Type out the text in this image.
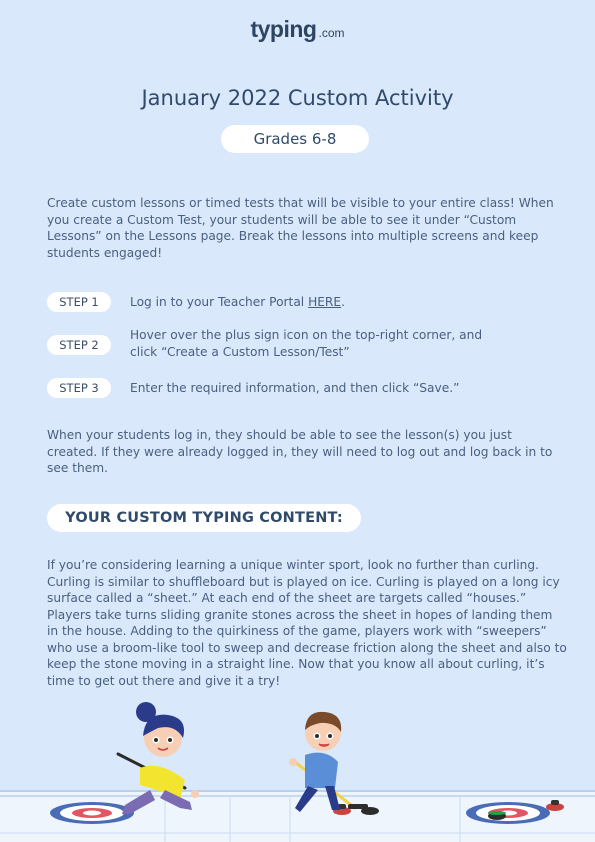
typing .com
January 2022 Custom Activity
Grades 6-8

Create custom lessons or timed tests that will be visible to your entire class! When you create a Custom Test, your students will be able to see it under “Custom Lessons” on the Lessons page. Break the lessons into multiple screens and keep students engaged!

STEP 1	Log in to your Teacher Portal HERE.
STEP 2
Hover over the plus sign icon on the top-right corner, and
click “Create a Custom Lesson/Test”
STEP 3	Enter the required information, and then click “Save.”

When your students log in, they should be able to see the lesson(s) you just created. If they were already logged in, they will need to log out and log back in to see them.

YOUR CUSTOM TYPING CONTENT:

If you’re considering learning a unique winter sport, look no further than curling. Curling is similar to shuffleboard but is played on ice. Curling is played on a long icy surface called a “sheet.” At each end of the sheet are targets called “houses.” Players take turns sliding granite stones across the sheet in hopes of landing them in the house. Adding to the quirkiness of the game, players work with “sweepers” who use a broom-like tool to sweep and decrease friction along the sheet and also to keep the stone moving in a straight line. Now that you know all about curling, it’s time to get out there and give it a try!
